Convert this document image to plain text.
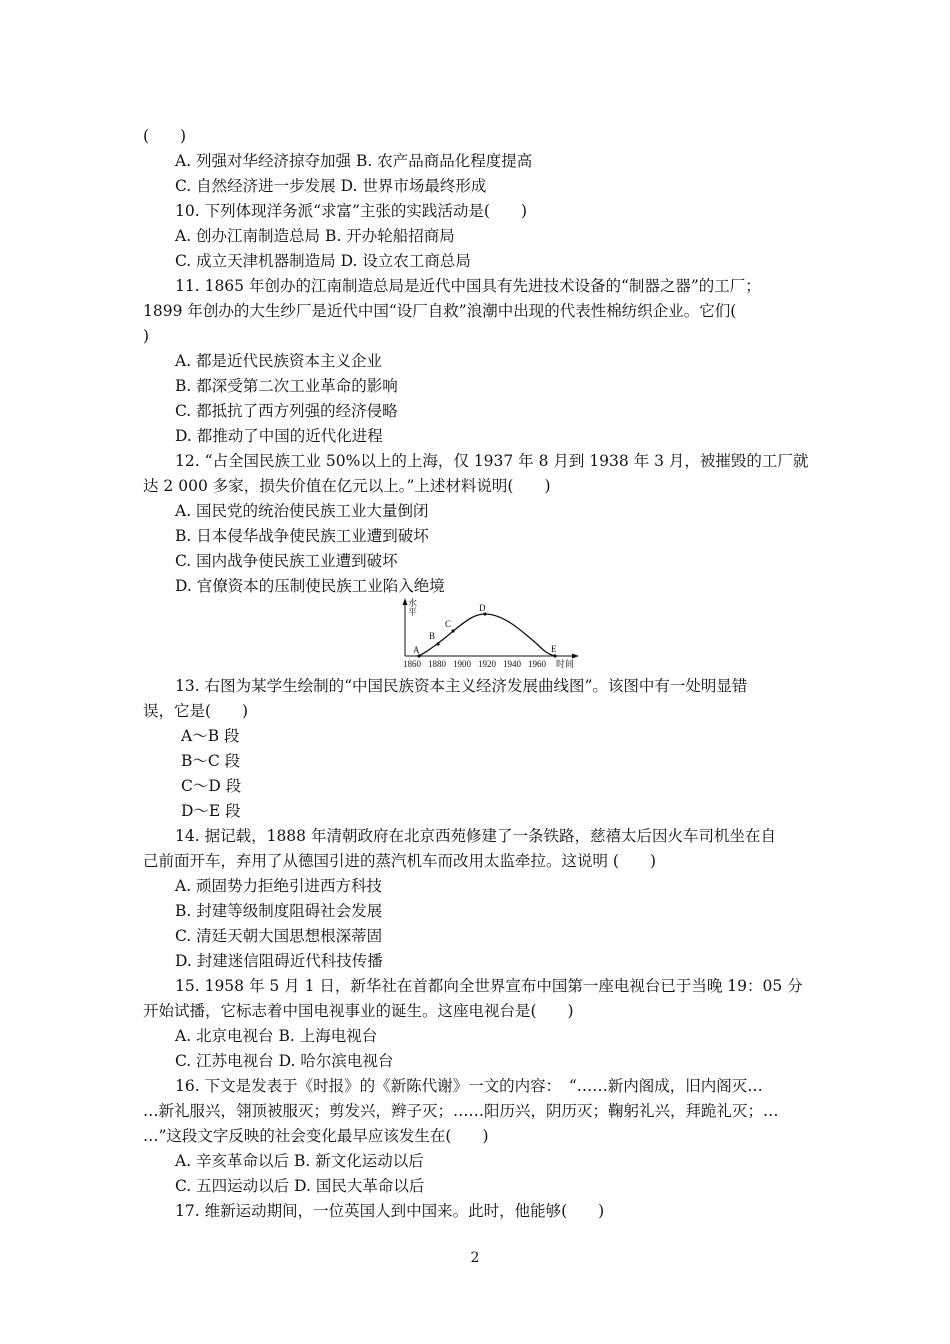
(　　)
A. 列强对华经济掠夺加强 B. 农产品商品化程度提高
C. 自然经济进一步发展 D. 世界市场最终形成
10. 下列体现洋务派“求富”主张的实践活动是(　　)
A. 创办江南制造总局 B. 开办轮船招商局
C. 成立天津机器制造局 D. 设立农工商总局
11. 1865 年创办的江南制造总局是近代中国具有先进技术设备的“制器之器”的工厂；
1899 年创办的大生纱厂是近代中国“设厂自救”浪潮中出现的代表性棉纺织企业。它们(
)
A. 都是近代民族资本主义企业
B. 都深受第二次工业革命的影响
C. 都抵抗了西方列强的经济侵略
D. 都推动了中国的近代化进程
12. “占全国民族工业 50%以上的上海，仅 1937 年 8 月到 1938 年 3 月，被摧毁的工厂就
达 2 000 多家，损失价值在亿元以上。”上述材料说明(　　)
A. 国民党的统治使民族工业大量倒闭
B. 日本侵华战争使民族工业遭到破坏
C. 国内战争使民族工业遭到破坏
D. 官僚资本的压制使民族工业陷入绝境
水
平
A
B
C
D
E
1860 1880 1900 1920 1940 1960 时间
13. 右图为某学生绘制的“中国民族资本主义经济发展曲线图”。该图中有一处明显错
误，它是(　　)
A～B 段
B～C 段
C～D 段
D～E 段
14. 据记载，1888 年清朝政府在北京西苑修建了一条铁路，慈禧太后因火车司机坐在自
己前面开车，弃用了从德国引进的蒸汽机车而改用太监牵拉。这说明 (　　)
A. 顽固势力拒绝引进西方科技
B. 封建等级制度阻碍社会发展
C. 清廷天朝大国思想根深蒂固
D. 封建迷信阻碍近代科技传播
15. 1958 年 5 月 1 日，新华社在首都向全世界宣布中国第一座电视台已于当晚 19：05 分
开始试播，它标志着中国电视事业的诞生。这座电视台是(　　)
A. 北京电视台 B. 上海电视台
C. 江苏电视台 D. 哈尔滨电视台
16. 下文是发表于《时报》的《新陈代谢》一文的内容：　“……新内阁成，旧内阁灭…
…新礼服兴，翎顶被服灭；剪发兴，辫子灭；……阳历兴，阴历灭；鞠躬礼兴，拜跪礼灭；…
…”这段文字反映的社会变化最早应该发生在(　　)
A. 辛亥革命以后 B. 新文化运动以后
C. 五四运动以后 D. 国民大革命以后
17. 维新运动期间，一位英国人到中国来。此时，他能够(　　)
2
